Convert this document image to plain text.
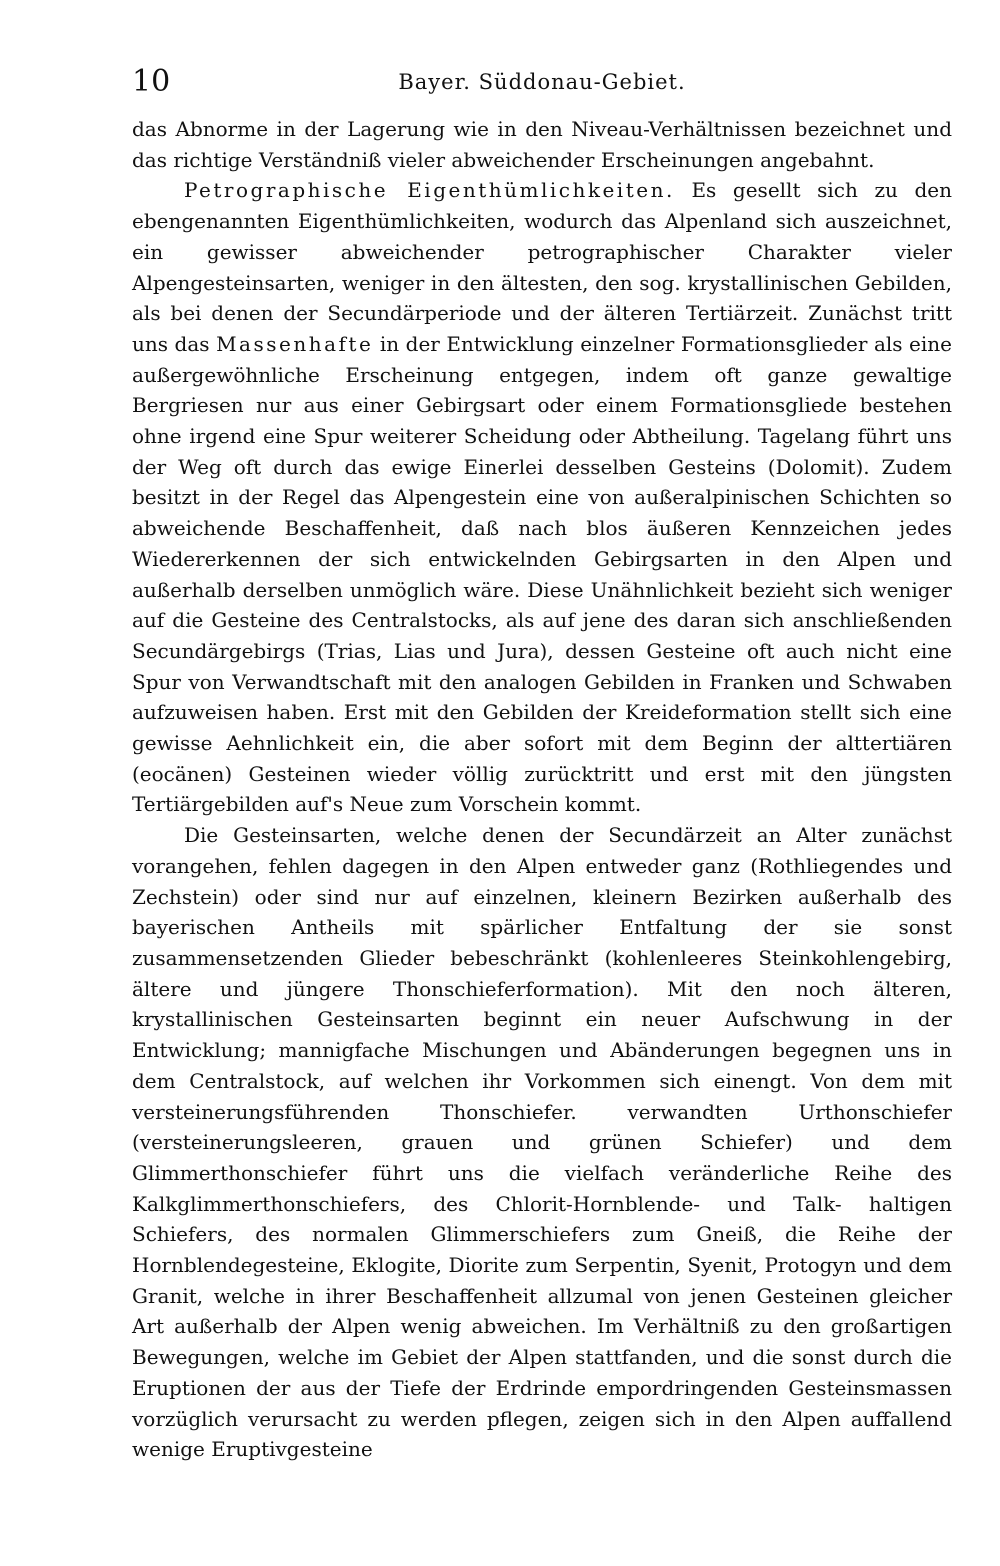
10	Bayer. Süddonau-Gebiet.

das Abnorme in der Lagerung wie in den Niveau-Verhältnissen bezeichnet und das richtige Verständniß vieler abweichender Erscheinungen angebahnt.

Petrographische Eigenthümlichkeiten. Es gesellt sich zu den ebengenannten Eigenthümlichkeiten, wodurch das Alpenland sich auszeichnet, ein gewisser abweichender petrographischer Charakter vieler Alpengesteinsarten, weniger in den ältesten, den sog. krystallinischen Gebilden, als bei denen der Secundärperiode und der älteren Tertiärzeit. Zunächst tritt uns das Massenhafte in der Entwicklung einzelner Formationsglieder als eine außergewöhnliche Erscheinung entgegen, indem oft ganze gewaltige Bergriesen nur aus einer Gebirgsart oder einem Formationsgliede bestehen ohne irgend eine Spur weiterer Scheidung oder Abtheilung. Tagelang führt uns der Weg oft durch das ewige Einerlei desselben Gesteins (Dolomit). Zudem besitzt in der Regel das Alpengestein eine von außeralpinischen Schichten so abweichende Beschaffenheit, daß nach blos äußeren Kennzeichen jedes Wiedererkennen der sich entwickelnden Gebirgsarten in den Alpen und außerhalb derselben unmöglich wäre. Diese Unähnlichkeit bezieht sich weniger auf die Gesteine des Centralstocks, als auf jene des daran sich anschließenden Secundärgebirgs (Trias, Lias und Jura), dessen Gesteine oft auch nicht eine Spur von Verwandtschaft mit den analogen Gebilden in Franken und Schwaben aufzuweisen haben. Erst mit den Gebilden der Kreideformation stellt sich eine gewisse Aehnlichkeit ein, die aber sofort mit dem Beginn der alttertiären (eocänen) Gesteinen wieder völlig zurücktritt und erst mit den jüngsten Tertiärgebilden auf's Neue zum Vorschein kommt.

Die Gesteinsarten, welche denen der Secundärzeit an Alter zunächst vorangehen, fehlen dagegen in den Alpen entweder ganz (Rothliegendes und Zechstein) oder sind nur auf einzelnen, kleinern Bezirken außerhalb des bayerischen Antheils mit spärlicher Entfaltung der sie sonst zusammensetzenden Glieder bebeschränkt (kohlenleeres Steinkohlengebirg, ältere und jüngere Thonschieferformation). Mit den noch älteren, krystallinischen Gesteinsarten beginnt ein neuer Aufschwung in der Entwicklung; mannigfache Mischungen und Abänderungen begegnen uns in dem Centralstock, auf welchen ihr Vorkommen sich einengt. Von dem mit versteinerungsführenden Thonschiefer. verwandten Urthonschiefer (versteinerungsleeren, grauen und grünen Schiefer) und dem Glimmerthonschiefer führt uns die vielfach veränderliche Reihe des Kalkglimmerthonschiefers, des Chlorit-Hornblende- und Talk- haltigen Schiefers, des normalen Glimmerschiefers zum Gneiß, die Reihe der Hornblendegesteine, Eklogite, Diorite zum Serpentin, Syenit, Protogyn und dem Granit, welche in ihrer Beschaffenheit allzumal von jenen Gesteinen gleicher Art außerhalb der Alpen wenig abweichen. Im Verhältniß zu den großartigen Bewegungen, welche im Gebiet der Alpen stattfanden, und die sonst durch die Eruptionen der aus der Tiefe der Erdrinde empordringenden Gesteinsmassen vorzüglich verursacht zu werden pflegen, zeigen sich in den Alpen auffallend wenige Eruptivgesteine
